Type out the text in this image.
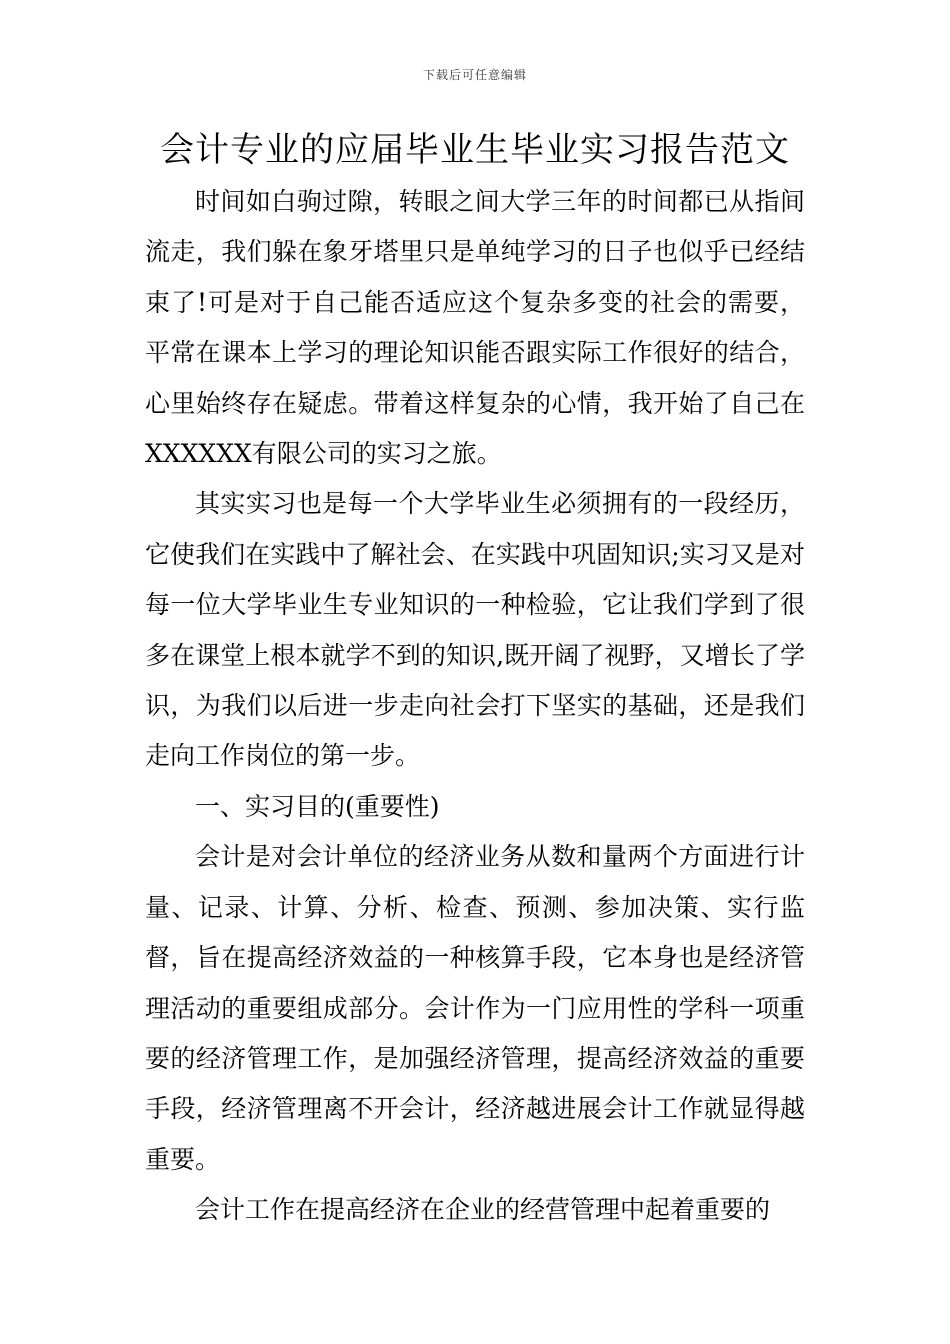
下载后可任意编辑
会计专业的应届毕业生毕业实习报告范文

时间如白驹过隙，转眼之间大学三年的时间都已从指间流走，我们躲在象牙塔里只是单纯学习的日子也似乎已经结束了!可是对于自己能否适应这个复杂多变的社会的需要，平常在课本上学习的理论知识能否跟实际工作很好的结合，心里始终存在疑虑。带着这样复杂的心情，我开始了自己在XXXXXX有限公司的实习之旅。

其实实习也是每一个大学毕业生必须拥有的一段经历，它使我们在实践中了解社会、在实践中巩固知识;实习又是对每一位大学毕业生专业知识的一种检验，它让我们学到了很多在课堂上根本就学不到的知识,既开阔了视野，又增长了学识，为我们以后进一步走向社会打下坚实的基础，还是我们走向工作岗位的第一步。

一、实习目的(重要性)

会计是对会计单位的经济业务从数和量两个方面进行计量、记录、计算、分析、检查、预测、参加决策、实行监督，旨在提高经济效益的一种核算手段，它本身也是经济管理活动的重要组成部分。会计作为一门应用性的学科一项重要的经济管理工作，是加强经济管理，提高经济效益的重要手段，经济管理离不开会计，经济越进展会计工作就显得越重要。

会计工作在提高经济在企业的经营管理中起着重要的
